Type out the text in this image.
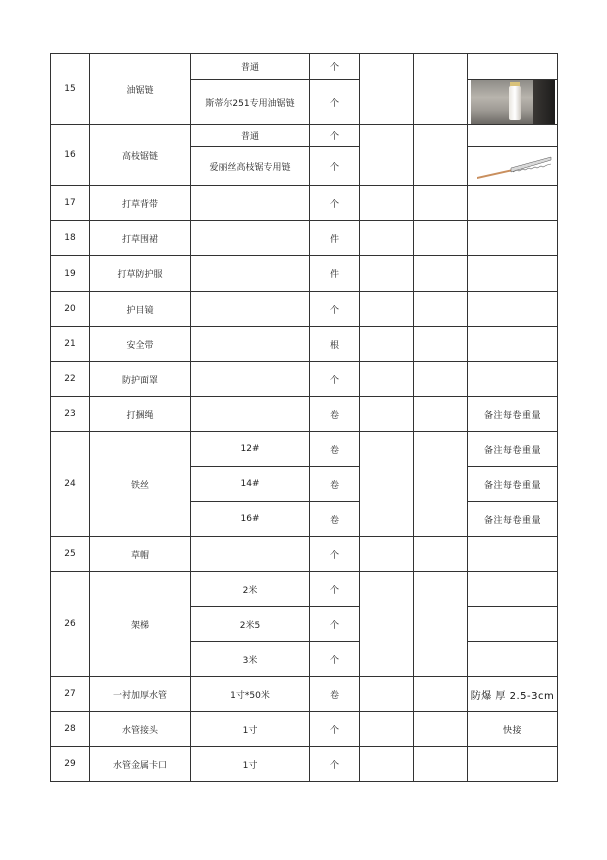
15	油锯链	普通	个			
		斯蒂尔251专用油锯链	个			

16	高枝锯链	普通	个			
		爱丽丝高枝锯专用链	个	

17	打草背带		个			
18	打草围裙		件			
19	打草防护服		件			
20	护目镜		个			
21	安全带		根			
22	防护面罩		个			
23	打捆绳		卷			备注每卷重量
24	铁丝	12#	卷			备注每卷重量
		14#	卷			备注每卷重量
		16#	卷			备注每卷重量
25	草帽		个			
26	架梯	2米	个			
		2米5	个			
		3米	个			
27	一衬加厚水管	1寸*50米	卷			防爆 厚 2.5-3cm
28	水管接头	1寸	个			快接
29	水管金属卡口	1寸	个			
